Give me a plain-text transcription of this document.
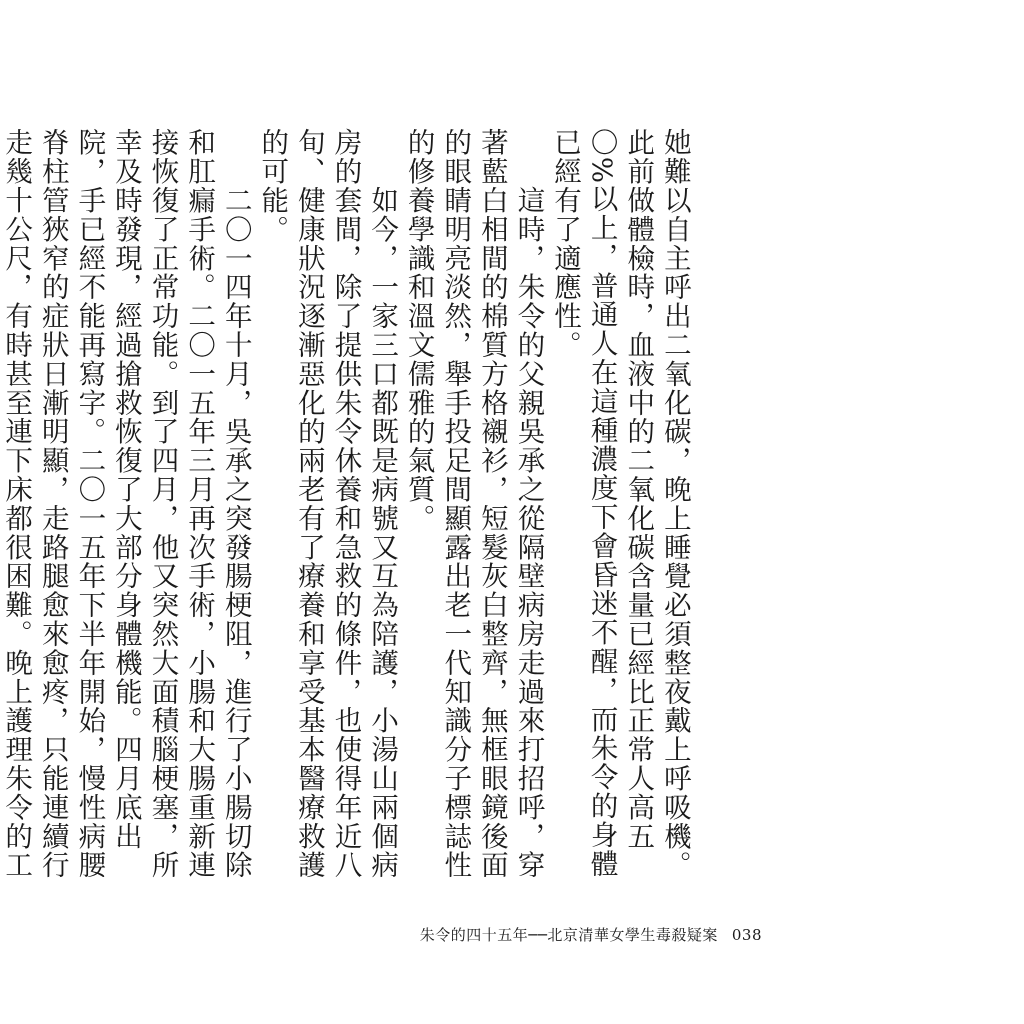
她難以自主呼出二氧化碳，晚上睡覺必須整夜戴上呼吸機。此前做體檢時，血液中的二氧化碳含量已經比正常人高五〇%以上，普通人在這種濃度下會昏迷不醒，而朱令的身體已經有了適應性。
　　這時，朱令的父親吳承之從隔壁病房走過來打招呼，穿著藍白相間的棉質方格襯衫，短髮灰白整齊，無框眼鏡後面的眼睛明亮淡然，舉手投足間顯露出老一代知識分子標誌性的修養學識和溫文儒雅的氣質。
　　如今，一家三口都既是病號又互為陪護，小湯山兩個病房的套間，除了提供朱令休養和急救的條件，也使得年近八旬、健康狀況逐漸惡化的兩老有了療養和享受基本醫療救護的可能。
　　二〇一四年十月，吳承之突發腸梗阻，進行了小腸切除和肛瘺手術。二〇一五年三月再次手術，小腸和大腸重新連接恢復了正常功能。到了四月，他又突然大面積腦梗塞，所幸及時發現，經過搶救恢復了大部分身體機能。四月底出院，手已經不能再寫字。二〇一五年下半年開始，慢性病腰脊柱管狹窄的症狀日漸明顯，走路腿愈來愈疼，只能連續行走幾十公尺，有時甚至連下床都很困難。晚上護理朱令的工

朱令的四十五年──北京清華女學生毒殺疑案 038
